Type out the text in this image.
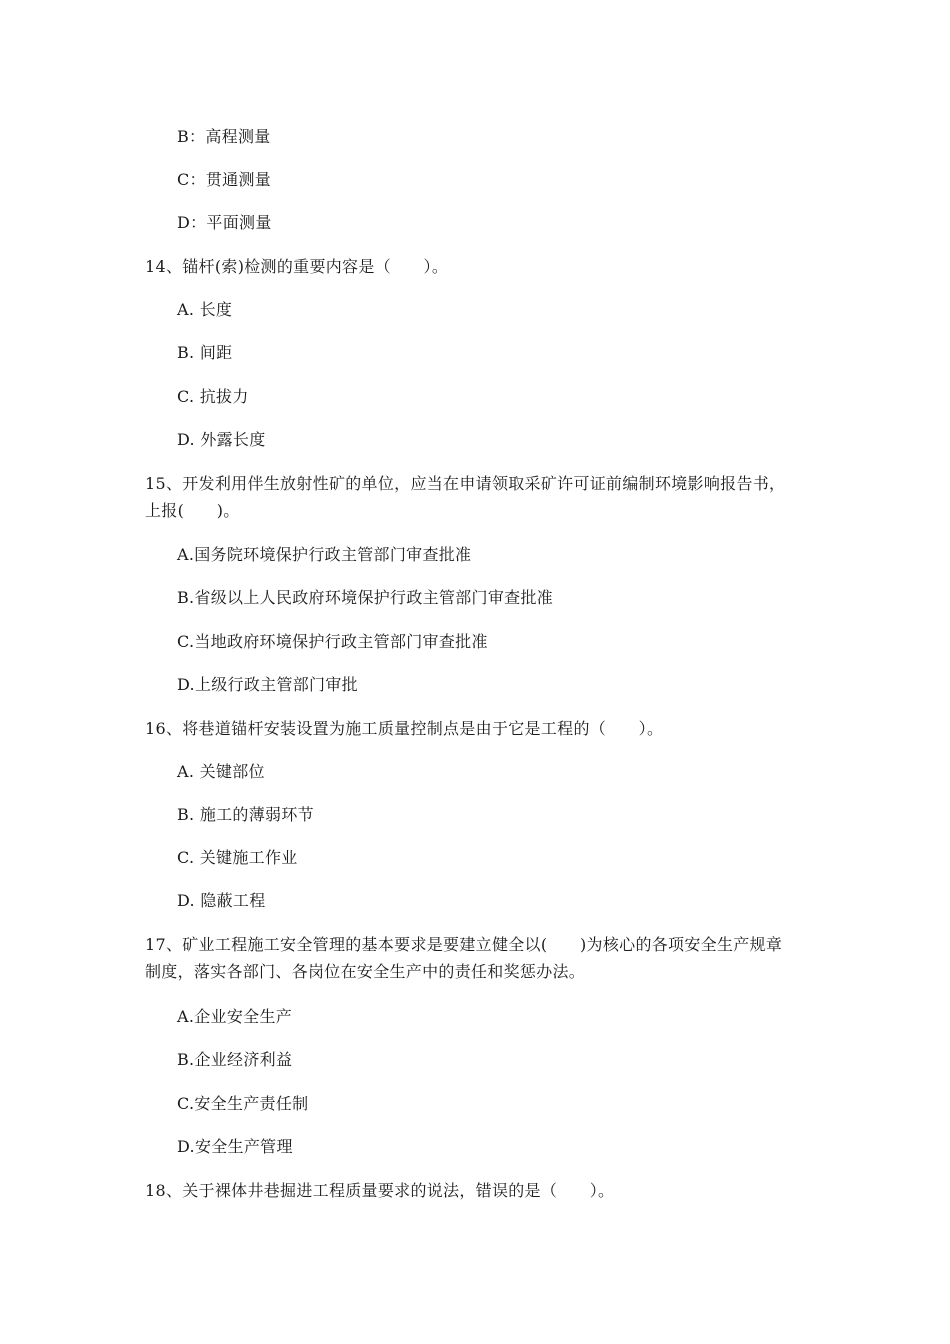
B：高程测量
C：贯通测量
D：平面测量
14、锚杆(索)检测的重要内容是（　　）。
A. 长度
B. 间距
C. 抗拔力
D. 外露长度
15、开发利用伴生放射性矿的单位，应当在申请领取采矿许可证前编制环境影响报告书，
上报(　　)。
A.国务院环境保护行政主管部门审查批准
B.省级以上人民政府环境保护行政主管部门审查批准
C.当地政府环境保护行政主管部门审查批准
D.上级行政主管部门审批
16、将巷道锚杆安装设置为施工质量控制点是由于它是工程的（　　）。
A. 关键部位
B. 施工的薄弱环节
C. 关键施工作业
D. 隐蔽工程
17、矿业工程施工安全管理的基本要求是要建立健全以(　　)为核心的各项安全生产规章
制度，落实各部门、各岗位在安全生产中的责任和奖惩办法。
A.企业安全生产
B.企业经济利益
C.安全生产责任制
D.安全生产管理
18、关于裸体井巷掘进工程质量要求的说法，错误的是（　　）。
